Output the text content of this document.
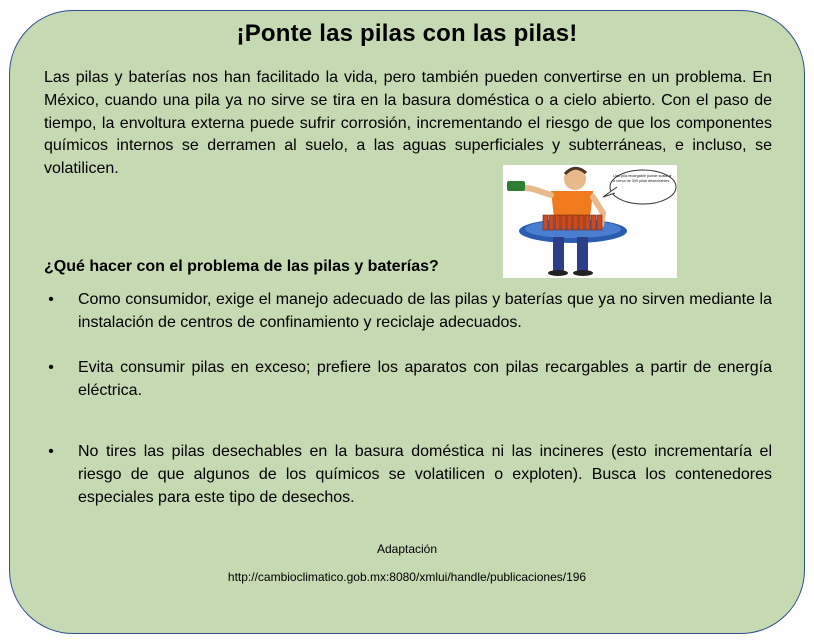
¡Ponte las pilas con las pilas!
Las pilas y baterías nos han facilitado la vida, pero también pueden convertirse en un problema. En México, cuando una pila ya no sirve se tira en la basura doméstica o a cielo abierto. Con el paso de tiempo, la envoltura externa puede sufrir corrosión, incrementando el riesgo de que los componentes químicos internos se derramen al suelo, a las aguas superficiales y subterráneas, e incluso, se volatilicen.	Una pila recargable puede sustituir a cerca de 300 pilas desechables
¿Qué hacer con el problema de las pilas y baterías?
• Como consumidor, exige el manejo adecuado de las pilas y baterías que ya no sirven mediante la instalación de centros de confinamiento y reciclaje adecuados.
• Evita consumir pilas en exceso; prefiere los aparatos con pilas recargables a partir de energía eléctrica.
• No tires las pilas desechables en la basura doméstica ni las incineres (esto incrementaría el riesgo de que algunos de los químicos se volatilicen o exploten). Busca los contenedores especiales para este tipo de desechos.
Adaptación
http://cambioclimatico.gob.mx:8080/xmlui/handle/publicaciones/196
